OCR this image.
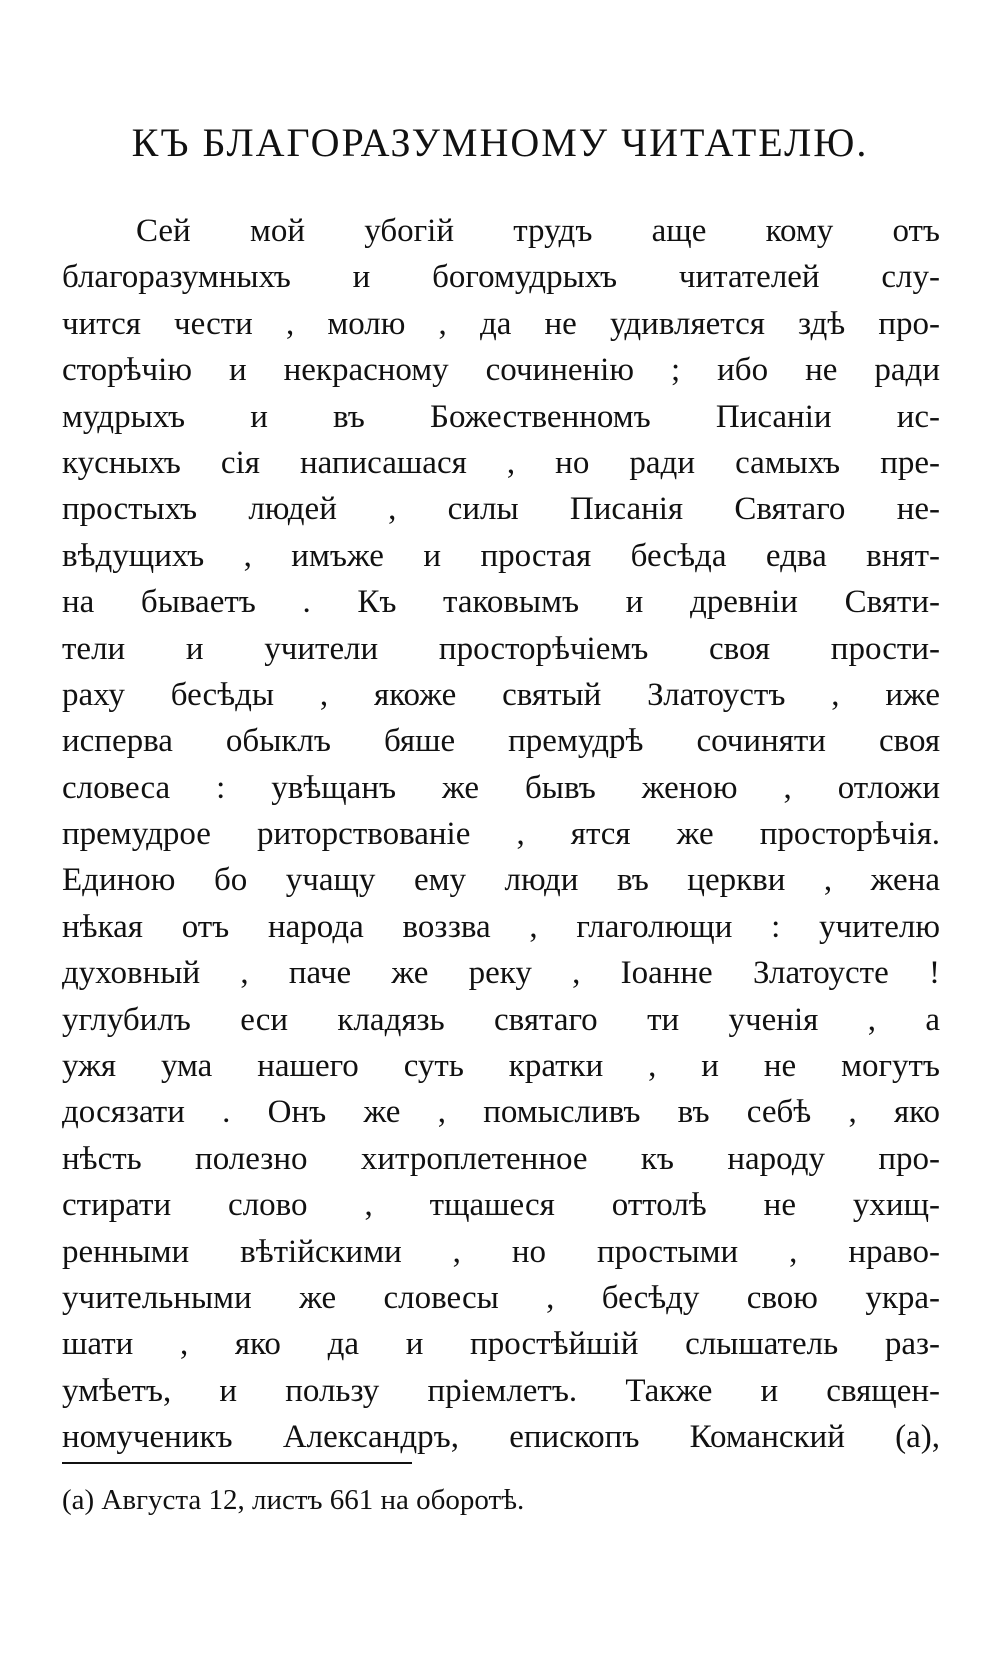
КЪ БЛАГОРАЗУМНОМУ ЧИТАТЕЛЮ.
Сей мой убогій трудъ аще кому отъ
благоразумныхъ и богомудрыхъ читателей слу-
чится чести , молю , да не удивляется здѣ про-
сторѣчію и некрасному сочиненію ; ибо не ради
мудрыхъ и въ Божественномъ Писаніи ис-
кусныхъ сія написашася , но ради самыхъ пре-
простыхъ людей , силы Писанія Святаго не-
вѣдущихъ , имъже и простая бесѣда едва внят-
на бываетъ . Къ таковымъ и древніи Святи-
тели и учители просторѣчіемъ своя прости-
раху бесѣды , якоже святый Златоустъ , иже
исперва обыклъ бяше премудрѣ сочиняти своя
словеса : увѣщанъ же бывъ женою , отложи
премудрое риторствованіе , ятся же просторѣчія.
Единою бо учащу ему люди въ церкви , жена
нѣкая отъ народа воззва , глаголющи : учителю
духовный , паче же реку , Іоанне Златоусте !
углубилъ еси кладязь святаго ти ученія , а
ужя ума нашего суть кратки , и не могутъ
досязати . Онъ же , помысливъ въ себѣ , яко
нѣсть полезно хитроплетенное къ народу про-
стирати слово , тщашеся оттолѣ не ухищ-
ренными вѣтійскими , но простыми , нраво-
учительными же словесы , бесѣду свою укра-
шати , яко да и простѣйшій слышатель раз-
умѣетъ, и пользу пріемлетъ. Также и священ-
номученикъ Александръ, епископъ Команский (а),
(а) Августа 12, листъ 661 на оборотѣ.
